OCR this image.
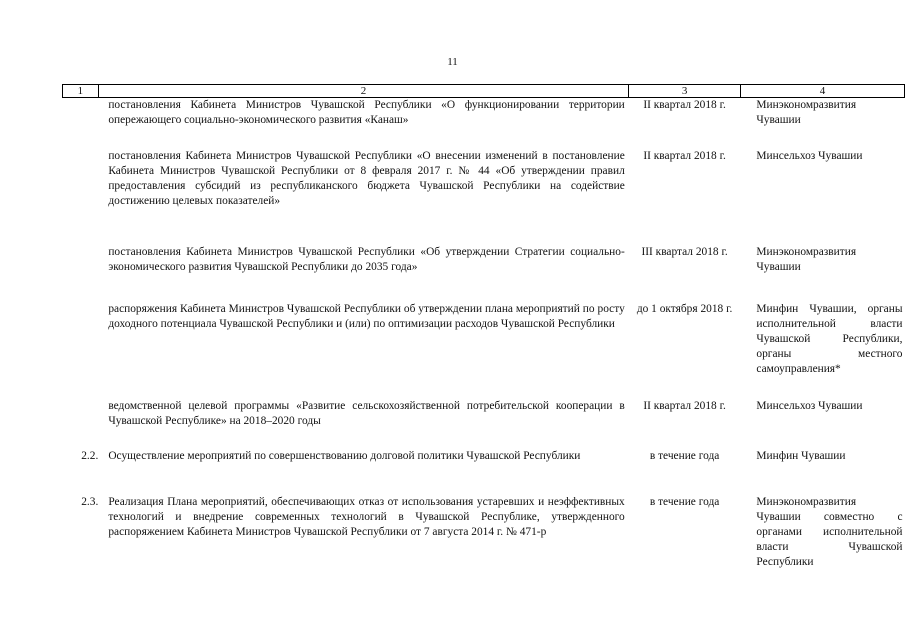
11
1	2	3	4
	постановления Кабинета Министров Чувашской Республики «О функционировании территории опережающего социально-экономического развития «Канаш»	II квартал 2018 г.	Минэкономразвития Чувашии
	постановления Кабинета Министров Чувашской Республики «О внесении изменений в постановление Кабинета Министров Чувашской Республики от 8 февраля 2017 г. № 44 «Об утверждении правил предоставления субсидий из республиканского бюджета Чувашской Республики на содействие достижению целевых показателей»	II квартал 2018 г.	Минсельхоз Чувашии
	постановления Кабинета Министров Чувашской Республики «Об утверждении Стратегии социально-экономического развития Чувашской Республики до 2035 года»	III квартал 2018 г.	Минэкономразвития Чувашии
	распоряжения Кабинета Министров Чувашской Республики об утверждении плана мероприятий по росту доходного потенциала Чувашской Республики и (или) по оптимизации расходов Чувашской Республики	до 1 октября 2018 г.	Минфин Чувашии, органы исполнительной власти Чувашской Республики, органы местного самоуправления*
	ведомственной целевой программы «Развитие сельскохозяйственной потребительской кооперации в Чувашской Республике» на 2018–2020 годы	II квартал 2018 г.	Минсельхоз Чувашии
2.2.	Осуществление мероприятий по совершенствованию долговой политики Чувашской Республики	в течение года	Минфин Чувашии
2.3.	Реализация Плана мероприятий, обеспечивающих отказ от использования устаревших и неэффективных технологий и внедрение современных технологий в Чувашской Республике, утвержденного распоряжением Кабинета Министров Чувашской Республики от 7 августа 2014 г. № 471-р	в течение года	Минэкономразвития Чувашии совместно с органами исполнительной власти Чувашской Республики
